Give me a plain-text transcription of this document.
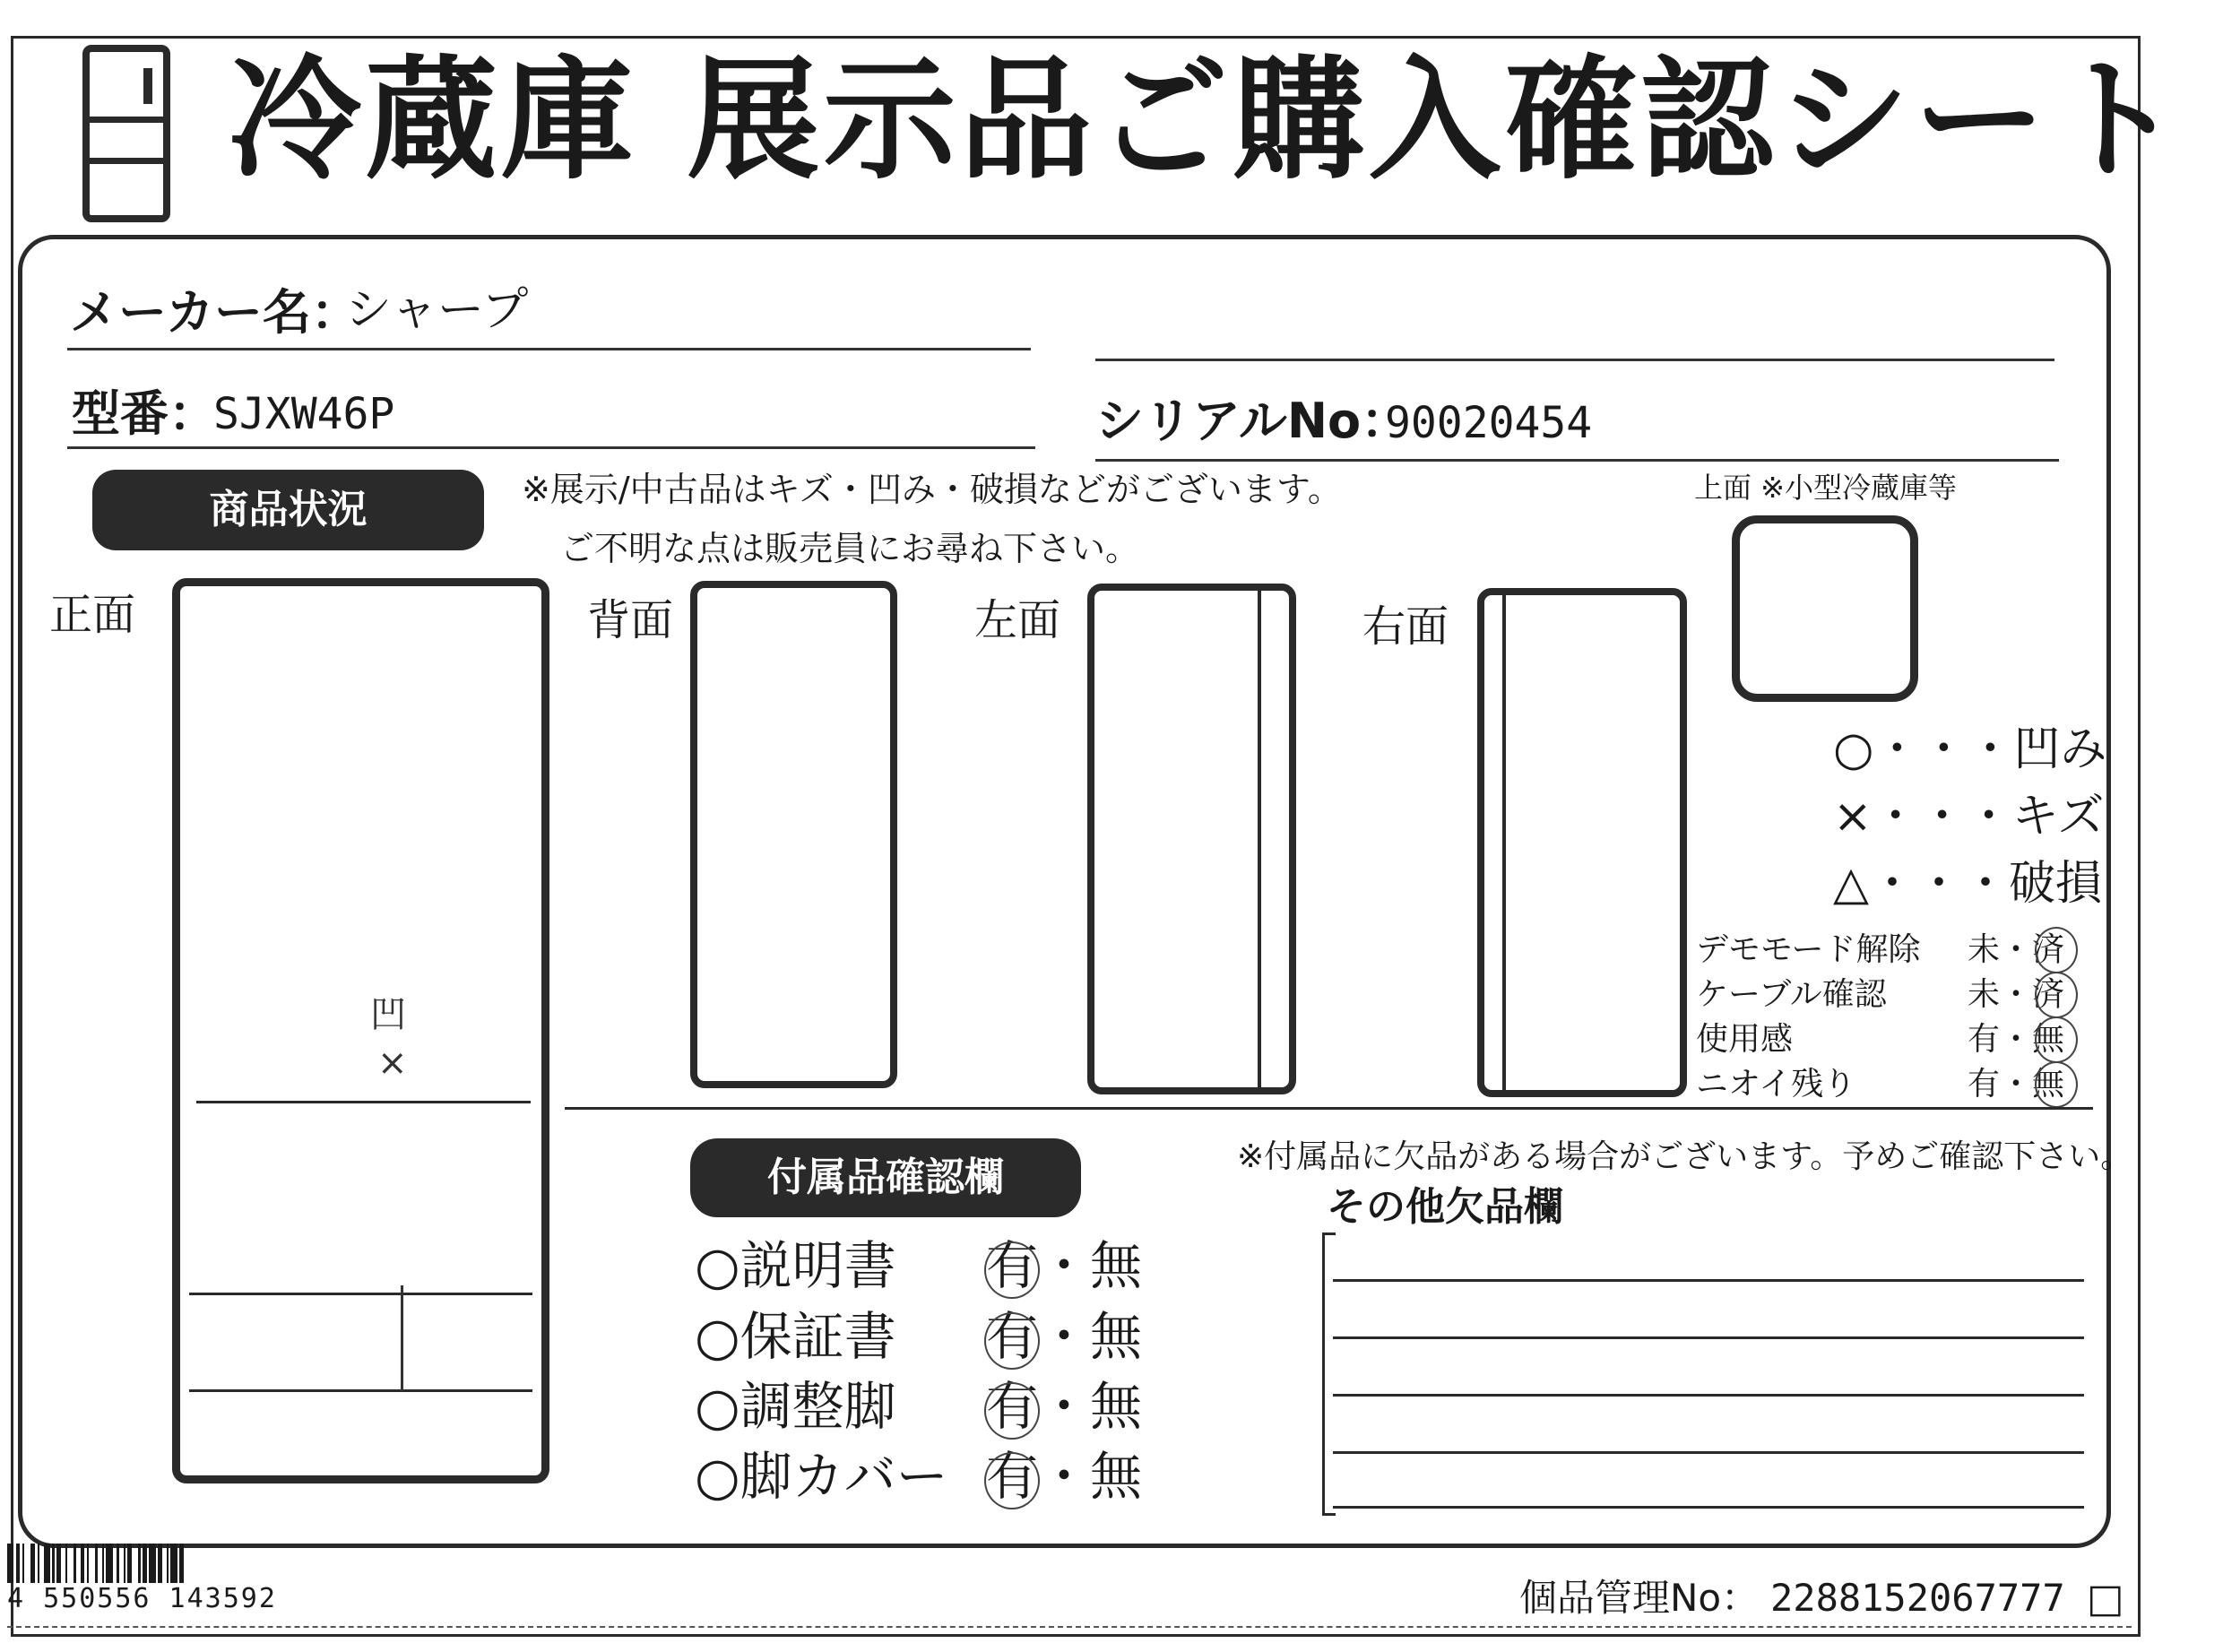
冷蔵庫 展示品ご購入確認シート
メーカー名：
シャープ
型番：
SJXW46P	シリアルNo：
90020454
商品状況	※展示/中古品はキズ・凹み・破損などがございます。
ご不明な点は販売員にお尋ね下さい。
正面	背面	左面	右面
上面 ※小型冷蔵庫等
凹
×
○・・・凹み
×・・・キズ
△・・・破損
デモモード解除 未・済
ケーブル確認	未・済
使用感	有・無
ニオイ残り	有・無
付属品確認欄
○説明書 有・無
○保証書 有・無
○調整脚 有・無
○脚カバー 有・無
※付属品に欠品がある場合がございます。予めご確認下さい。
その他欠品欄
4 550556 143592	個品管理No： 2288152067777 □
